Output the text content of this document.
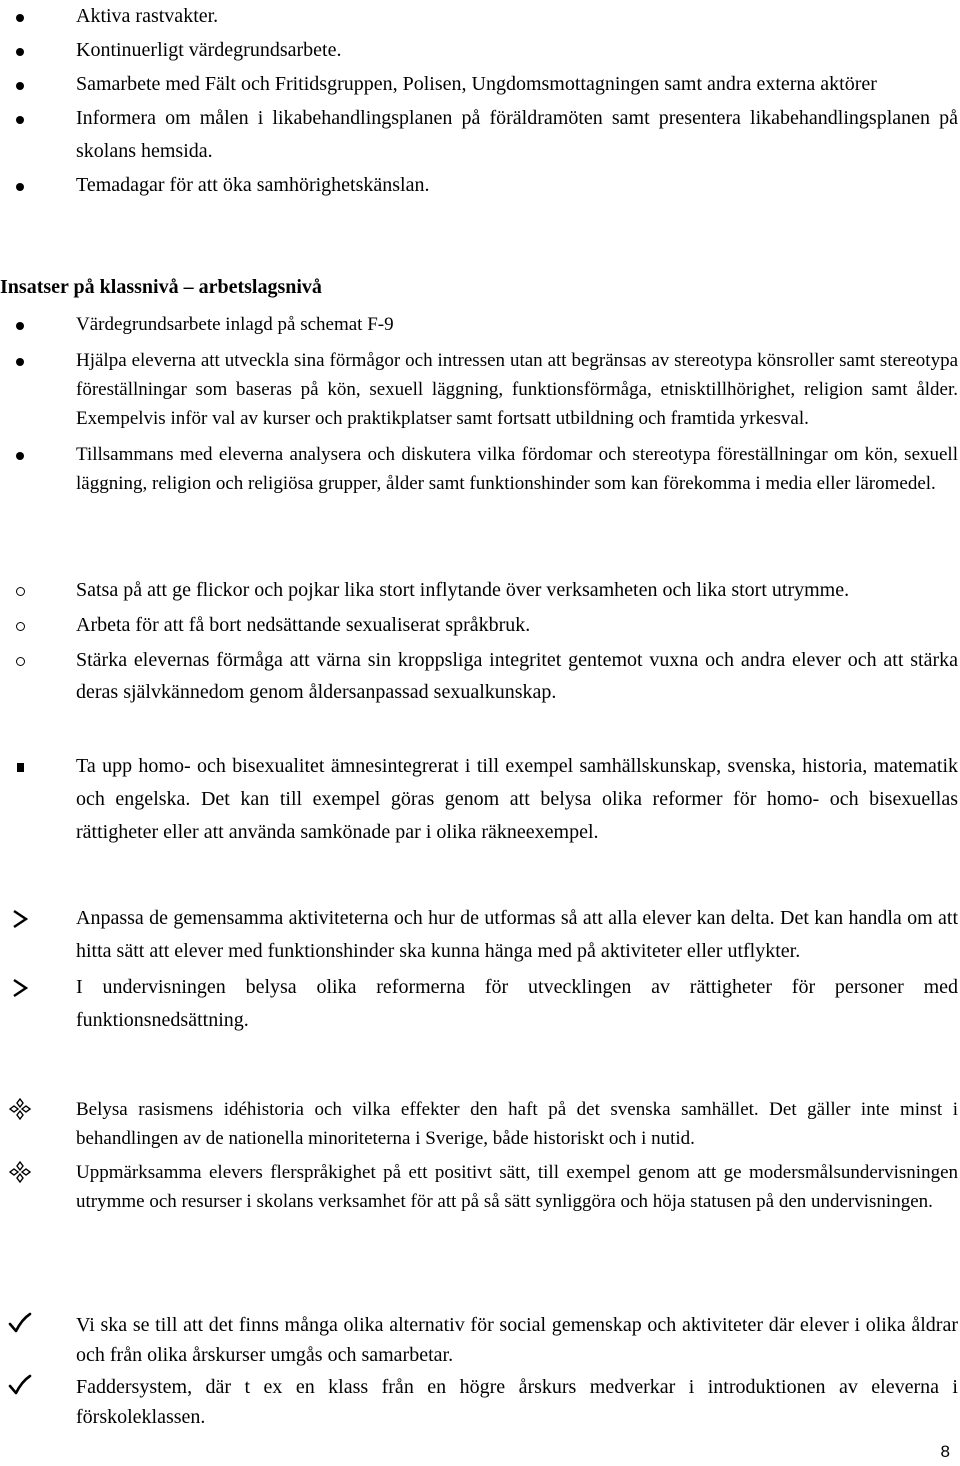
Aktiva rastvakter.
Kontinuerligt värdegrundsarbete.
Samarbete med Fält och Fritidsgruppen, Polisen, Ungdomsmottagningen samt andra externa aktörer
Informera om målen i likabehandlingsplanen på föräldramöten samt presentera likabehandlingsplanen på skolans hemsida.
Temadagar för att öka samhörighetskänslan.
Insatser på klassnivå – arbetslagsnivå
Värdegrundsarbete inlagd på schemat F-9
Hjälpa eleverna att utveckla sina förmågor och intressen utan att begränsas av stereotypa könsroller samt stereotypa föreställningar som baseras på kön, sexuell läggning, funktionsförmåga, etnisktillhörighet, religion samt ålder. Exempelvis inför val av kurser och praktikplatser samt fortsatt utbildning och framtida yrkesval.
Tillsammans med eleverna analysera och diskutera vilka fördomar och stereotypa föreställningar om kön, sexuell läggning, religion och religiösa grupper, ålder samt funktionshinder som kan förekomma i media eller läromedel.
Satsa på att ge flickor och pojkar lika stort inflytande över verksamheten och lika stort utrymme.
Arbeta för att få bort nedsättande sexualiserat språkbruk.
Stärka elevernas förmåga att värna sin kroppsliga integritet gentemot vuxna och andra elever och att stärka deras självkännedom genom åldersanpassad sexualkunskap.
Ta upp homo- och bisexualitet ämnesintegrerat i till exempel samhällskunskap, svenska, historia, matematik och engelska. Det kan till exempel göras genom att belysa olika reformer för homo- och bisexuellas rättigheter eller att använda samkönade par i olika räkneexempel.
Anpassa de gemensamma aktiviteterna och hur de utformas så att alla elever kan delta. Det kan handla om att hitta sätt att elever med funktionshinder ska kunna hänga med på aktiviteter eller utflykter.
I undervisningen belysa olika reformerna för utvecklingen av rättigheter för personer med funktionsnedsättning.
Belysa rasismens idéhistoria och vilka effekter den haft på det svenska samhället. Det gäller inte minst i behandlingen av de nationella minoriteterna i Sverige, både historiskt och i nutid.
Uppmärksamma elevers flerspråkighet på ett positivt sätt, till exempel genom att ge modersmålsundervisningen utrymme och resurser i skolans verksamhet för att på så sätt synliggöra och höja statusen på den undervisningen.
Vi ska se till att det finns många olika alternativ för social gemenskap och aktiviteter där elever i olika åldrar och från olika årskurser umgås och samarbetar.
Faddersystem, där t ex en klass från en högre årskurs medverkar i introduktionen av eleverna i förskoleklassen.
8
